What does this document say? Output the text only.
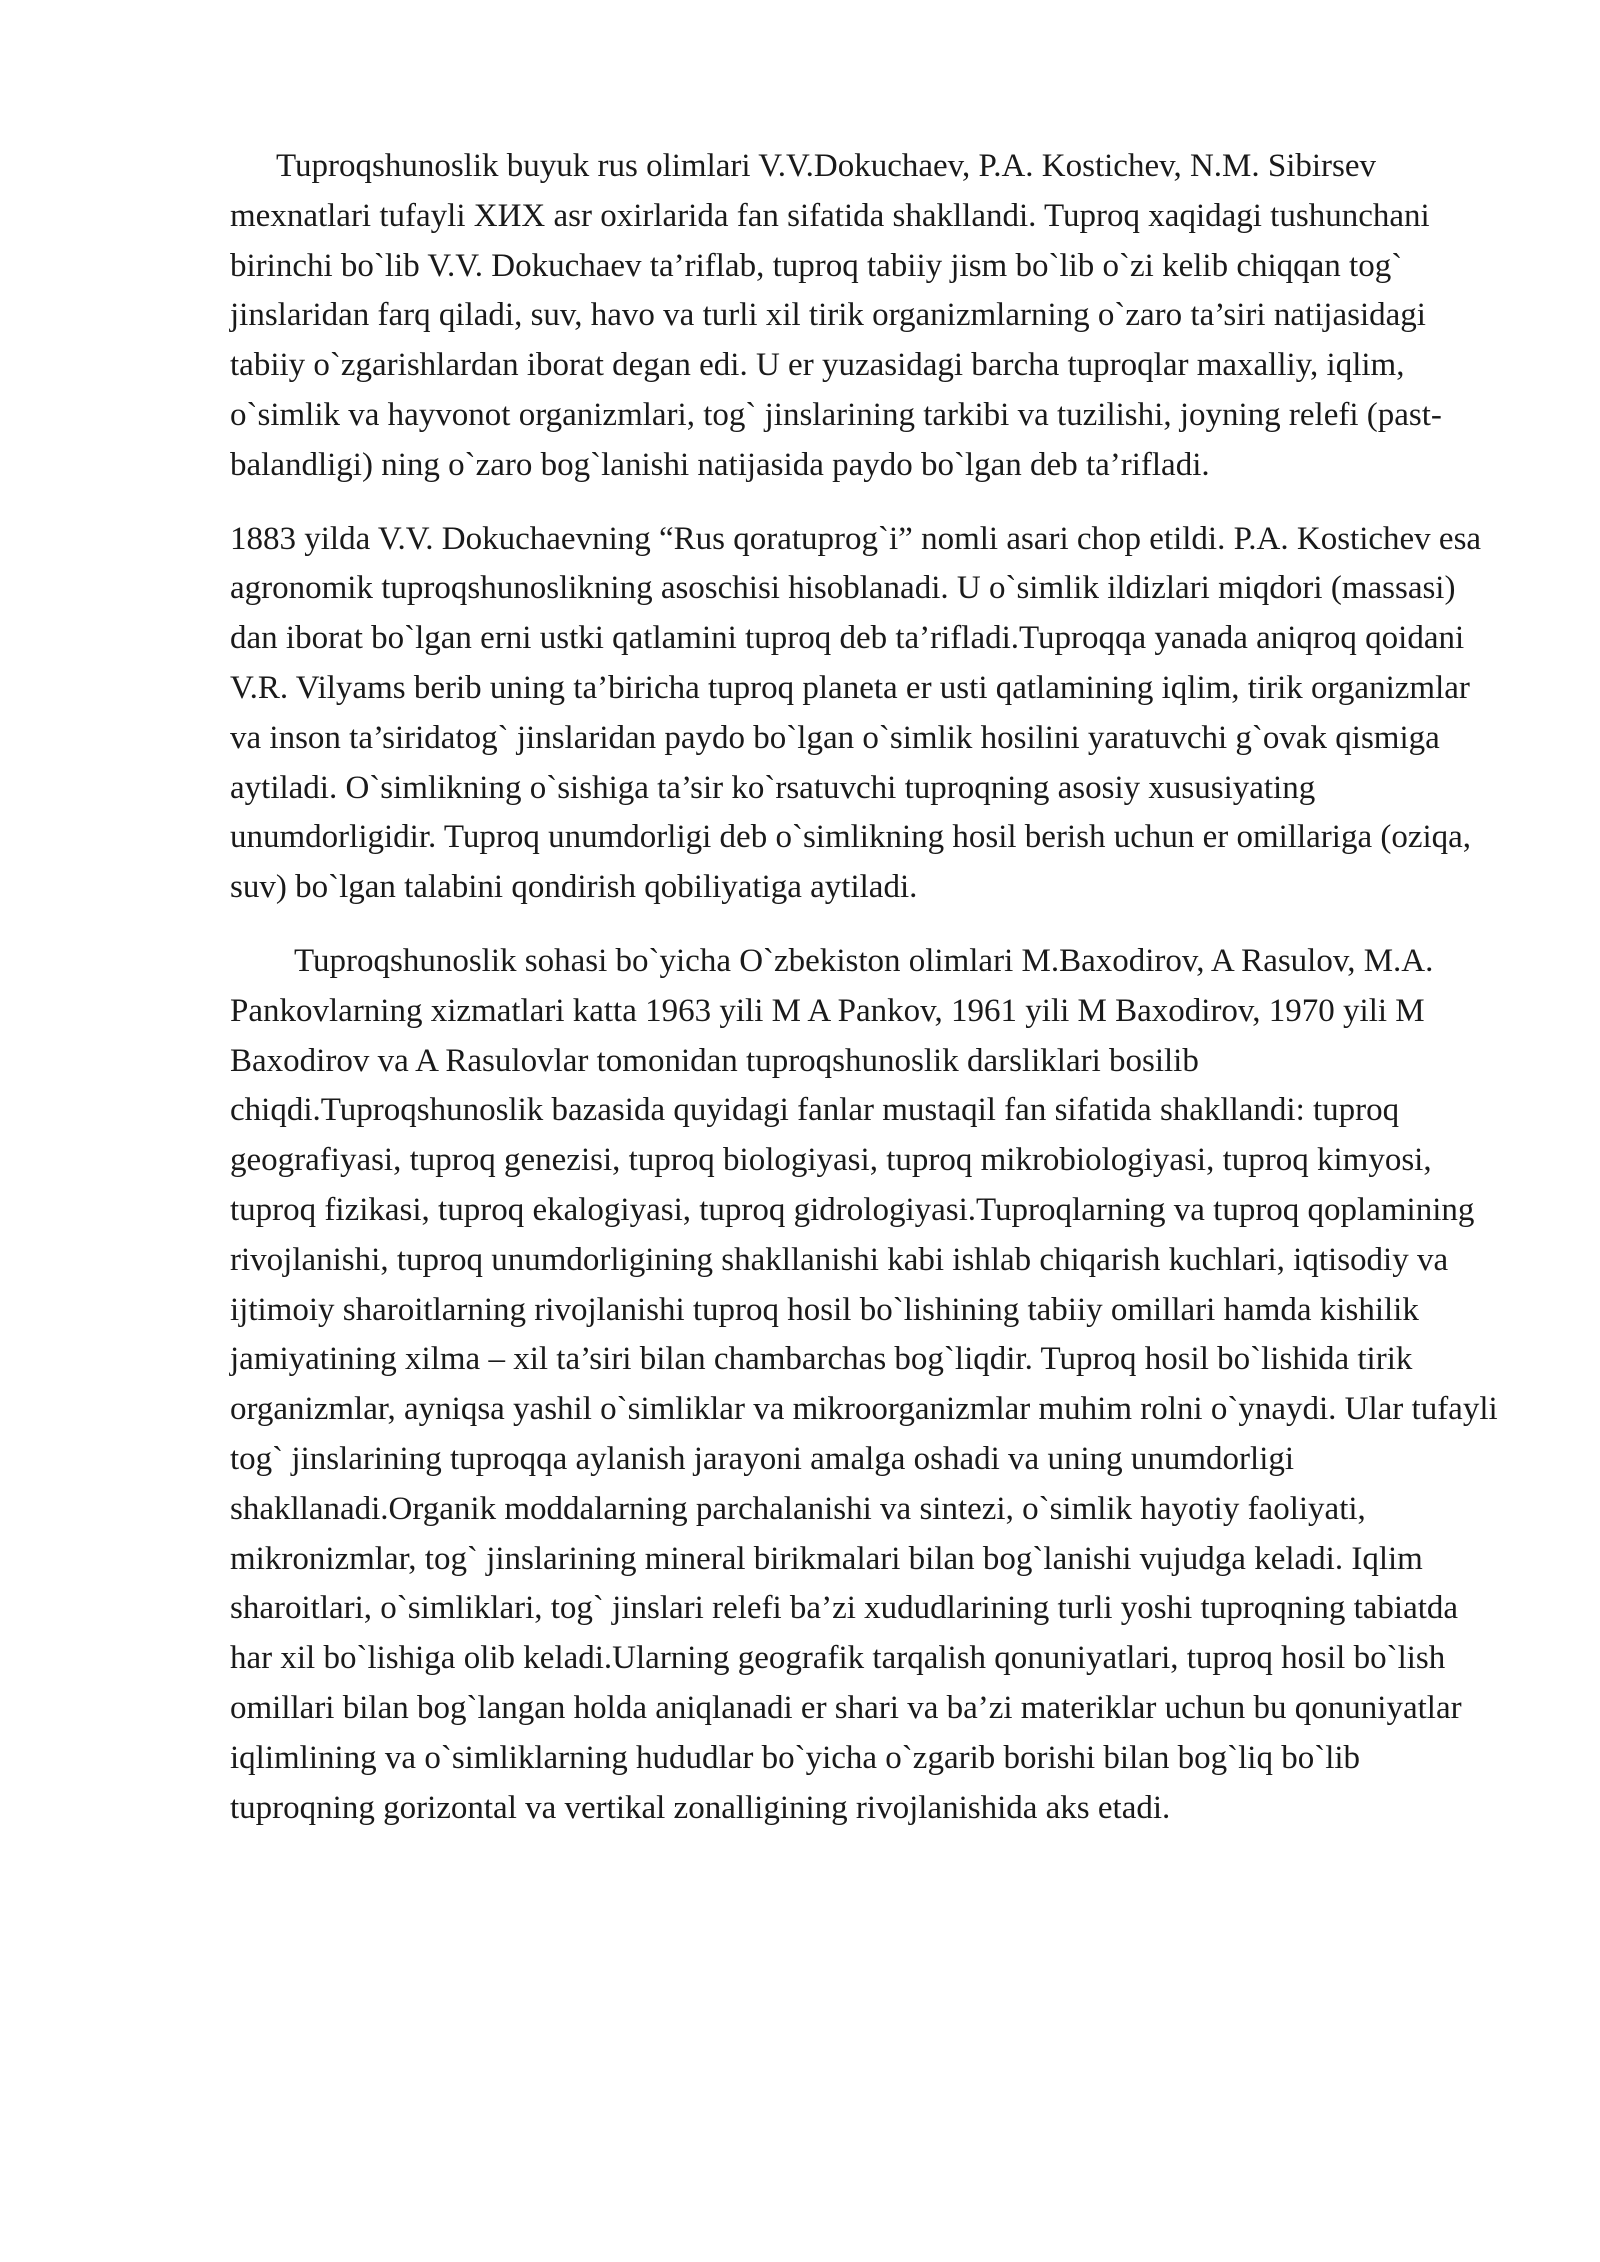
Tuproqshunoslik buyuk rus olimlari V.V.Dokuchaev, P.A. Kostichev, N.M. Sibirsev mexnatlari tufayli ХИХ asr oxirlarida fan sifatida shakllandi. Tuproq xaqidagi tushunchani birinchi bo`lib V.V. Dokuchaev ta’riflab, tuproq tabiiy jism bo`lib o`zi kelib chiqqan tog` jinslaridan farq qiladi, suv, havo va turli xil tirik organizmlarning o`zaro ta’siri natijasidagi tabiiy o`zgarishlardan iborat degan edi. U er yuzasidagi barcha tuproqlar maxalliy, iqlim, o`simlik va hayvonot organizmlari, tog` jinslarining tarkibi va tuzilishi, joyning relefi (past-balandligi) ning o`zaro bog`lanishi natijasida paydo bo`lgan deb ta’rifladi.

1883 yilda V.V. Dokuchaevning “Rus qoratuprog`i” nomli asari chop etildi. P.A. Kostichev esa agronomik tuproqshunoslikning asoschisi hisoblanadi. U o`simlik ildizlari miqdori (massasi) dan iborat bo`lgan erni ustki qatlamini tuproq deb ta’rifladi.Tuproqqa yanada aniqroq qoidani V.R. Vilyams berib uning ta’biricha tuproq planeta er usti qatlamining iqlim, tirik organizmlar va inson ta’siridatog` jinslaridan paydo bo`lgan o`simlik hosilini yaratuvchi g`ovak qismiga aytiladi. O`simlikning o`sishiga ta’sir ko`rsatuvchi tuproqning asosiy xususiyating unumdorligidir. Tuproq unumdorligi deb o`simlikning hosil berish uchun er omillariga (oziqa, suv) bo`lgan talabini qondirish qobiliyatiga aytiladi.

Tuproqshunoslik sohasi bo`yicha O`zbekiston olimlari M.Baxodirov, A Rasulov, M.A. Pankovlarning xizmatlari katta 1963 yili M A Pankov, 1961 yili M Baxodirov, 1970 yili M Baxodirov va A Rasulovlar tomonidan tuproqshunoslik darsliklari bosilib chiqdi.Tuproqshunoslik bazasida quyidagi fanlar mustaqil fan sifatida shakllandi: tuproq geografiyasi, tuproq genezisi, tuproq biologiyasi, tuproq mikrobiologiyasi, tuproq kimyosi, tuproq fizikasi, tuproq ekalogiyasi, tuproq gidrologiyasi.Tuproqlarning va tuproq qoplamining rivojlanishi, tuproq unumdorligining shakllanishi kabi ishlab chiqarish kuchlari, iqtisodiy va ijtimoiy sharoitlarning rivojlanishi tuproq hosil bo`lishining tabiiy omillari hamda kishilik jamiyatining xilma – xil ta’siri bilan chambarchas bog`liqdir. Tuproq hosil bo`lishida tirik organizmlar, ayniqsa yashil o`simliklar va mikroorganizmlar muhim rolni o`ynaydi. Ular tufayli tog` jinslarining tuproqqa aylanish jarayoni amalga oshadi va uning unumdorligi shakllanadi.Organik moddalarning parchalanishi va sintezi, o`simlik hayotiy faoliyati, mikronizmlar, tog` jinslarining mineral birikmalari bilan bog`lanishi vujudga keladi. Iqlim sharoitlari, o`simliklari, tog` jinslari relefi ba’zi xududlarining turli yoshi tuproqning tabiatda har xil bo`lishiga olib keladi.Ularning geografik tarqalish qonuniyatlari, tuproq hosil bo`lish omillari bilan bog`langan holda aniqlanadi er shari va ba’zi materiklar uchun bu qonuniyatlar iqlimlining va o`simliklarning hududlar bo`yicha o`zgarib borishi bilan bog`liq bo`lib tuproqning gorizontal va vertikal zonalligining rivojlanishida aks etadi.
